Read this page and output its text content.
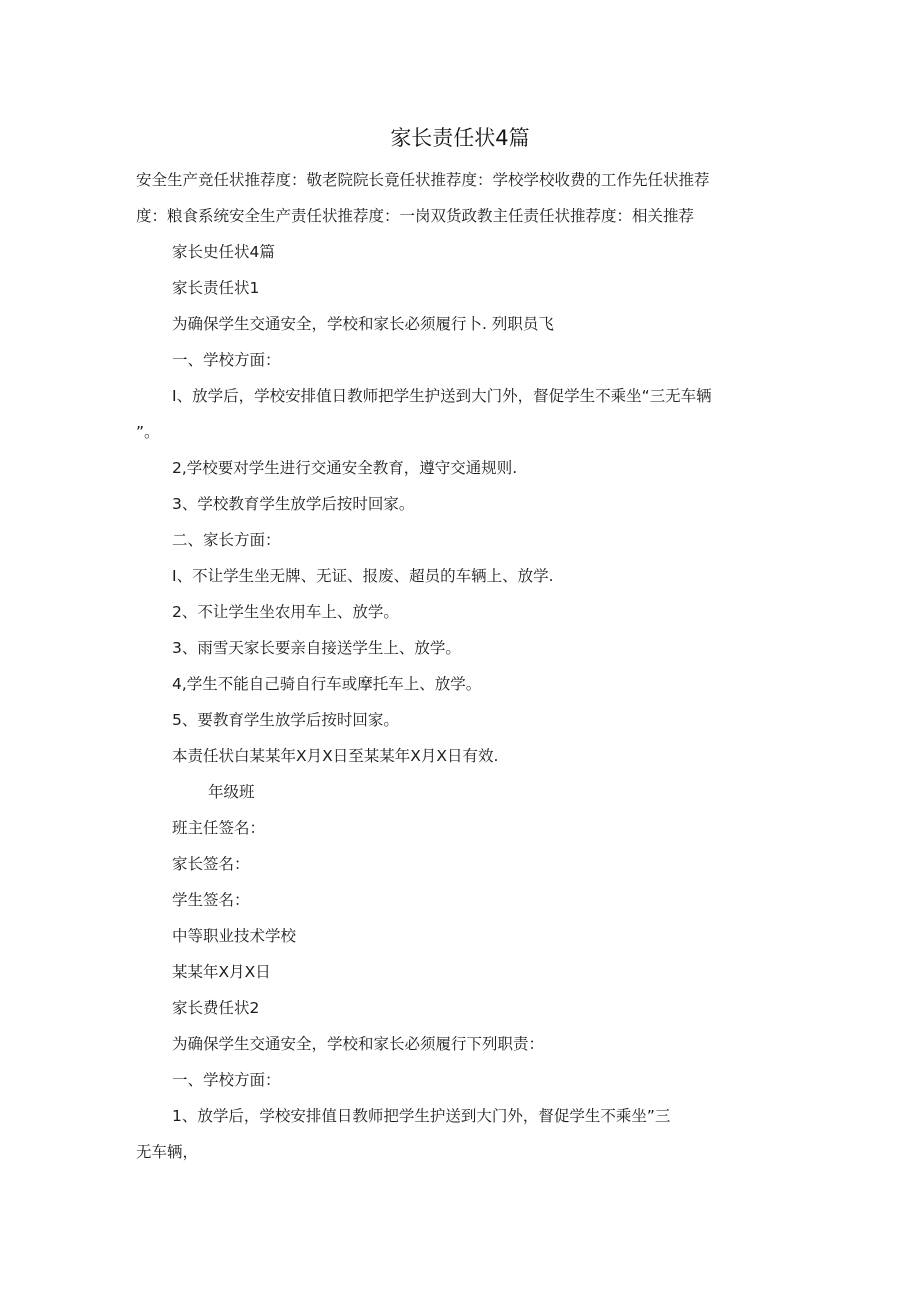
家长责任状4篇
安全生产竞任状推荐度：敬老院院长竟任状推荐度：学校学校收费的工作先任状推荐
度：粮食系统安全生产责任状推荐度：一岗双货政教主任责任状推荐度：相关推荐
家长史任状4篇
家长责任状1
为确保学生交通安全，学校和家长必须履行卜. 列职员飞
一、学校方面：
I、放学后，学校安排值日教师把学生护送到大门外，督促学生不乘坐“三无车辆
”。
2,学校要对学生进行交通安全教育，遵守交通规则.
3、学校教育学生放学后按时回家。
二、家长方面：
I、不让学生坐无牌、无证、报废、超员的车辆上、放学.
2、不让学生坐农用车上、放学。
3、雨雪天家长要亲自接送学生上、放学。
4,学生不能自己骑自行车或摩托车上、放学。
5、要教育学生放学后按时回家。
本责任状白某某年X月X日至某某年X月X日有效.
年级班
班主任签名：
家长签名：
学生签名：
中等职业技术学校
某某年X月X日
家长费任状2
为确保学生交通安全，学校和家长必须履行下列职责：
一、学校方面：
1、放学后，学校安排值日教师把学生护送到大门外，督促学生不乘坐”三
无车辆，
